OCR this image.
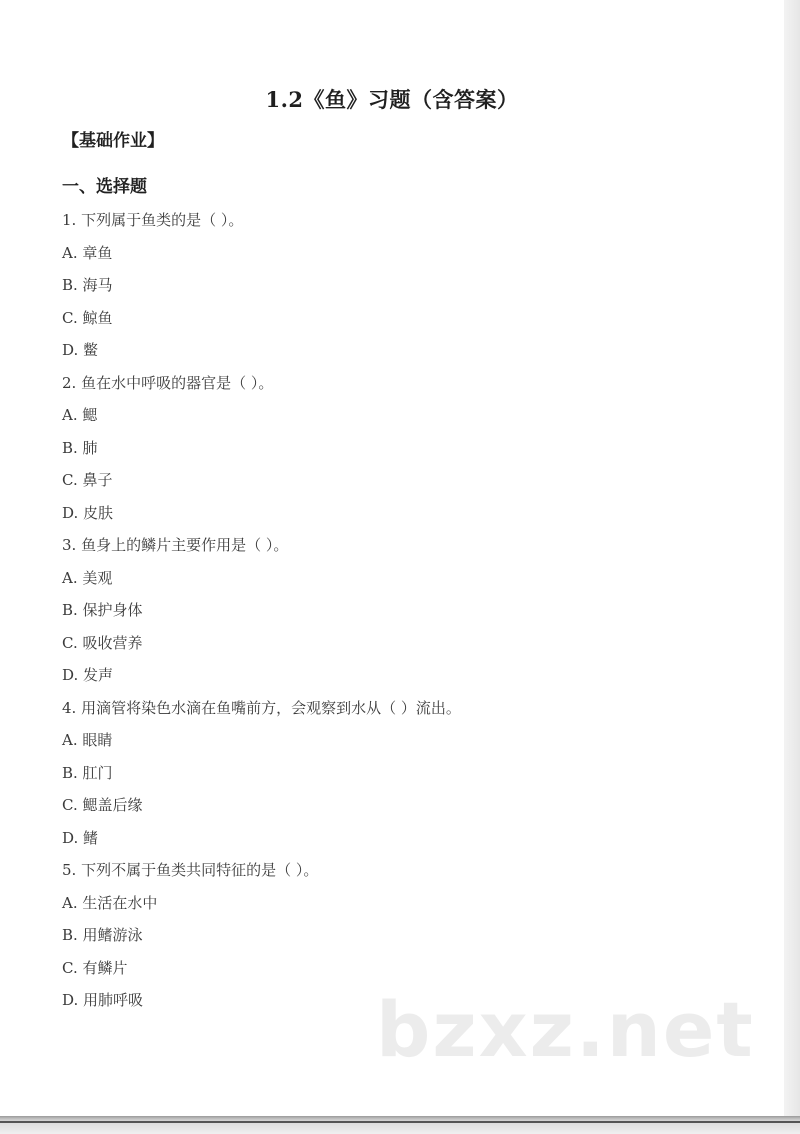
1.2《鱼》习题（含答案）
【基础作业】
一、选择题
1. 下列属于鱼类的是（ ）。
A. 章鱼
B. 海马
C. 鲸鱼
D. 鳖
2. 鱼在水中呼吸的器官是（ ）。
A. 鳃
B. 肺
C. 鼻子
D. 皮肤
3. 鱼身上的鳞片主要作用是（ ）。
A. 美观
B. 保护身体
C. 吸收营养
D. 发声
4. 用滴管将染色水滴在鱼嘴前方，会观察到水从（ ）流出。
A. 眼睛
B. 肛门
C. 鳃盖后缘
D. 鳍
5. 下列不属于鱼类共同特征的是（ ）。
A. 生活在水中
B. 用鳍游泳
C. 有鳞片
D. 用肺呼吸	bzxz.net
